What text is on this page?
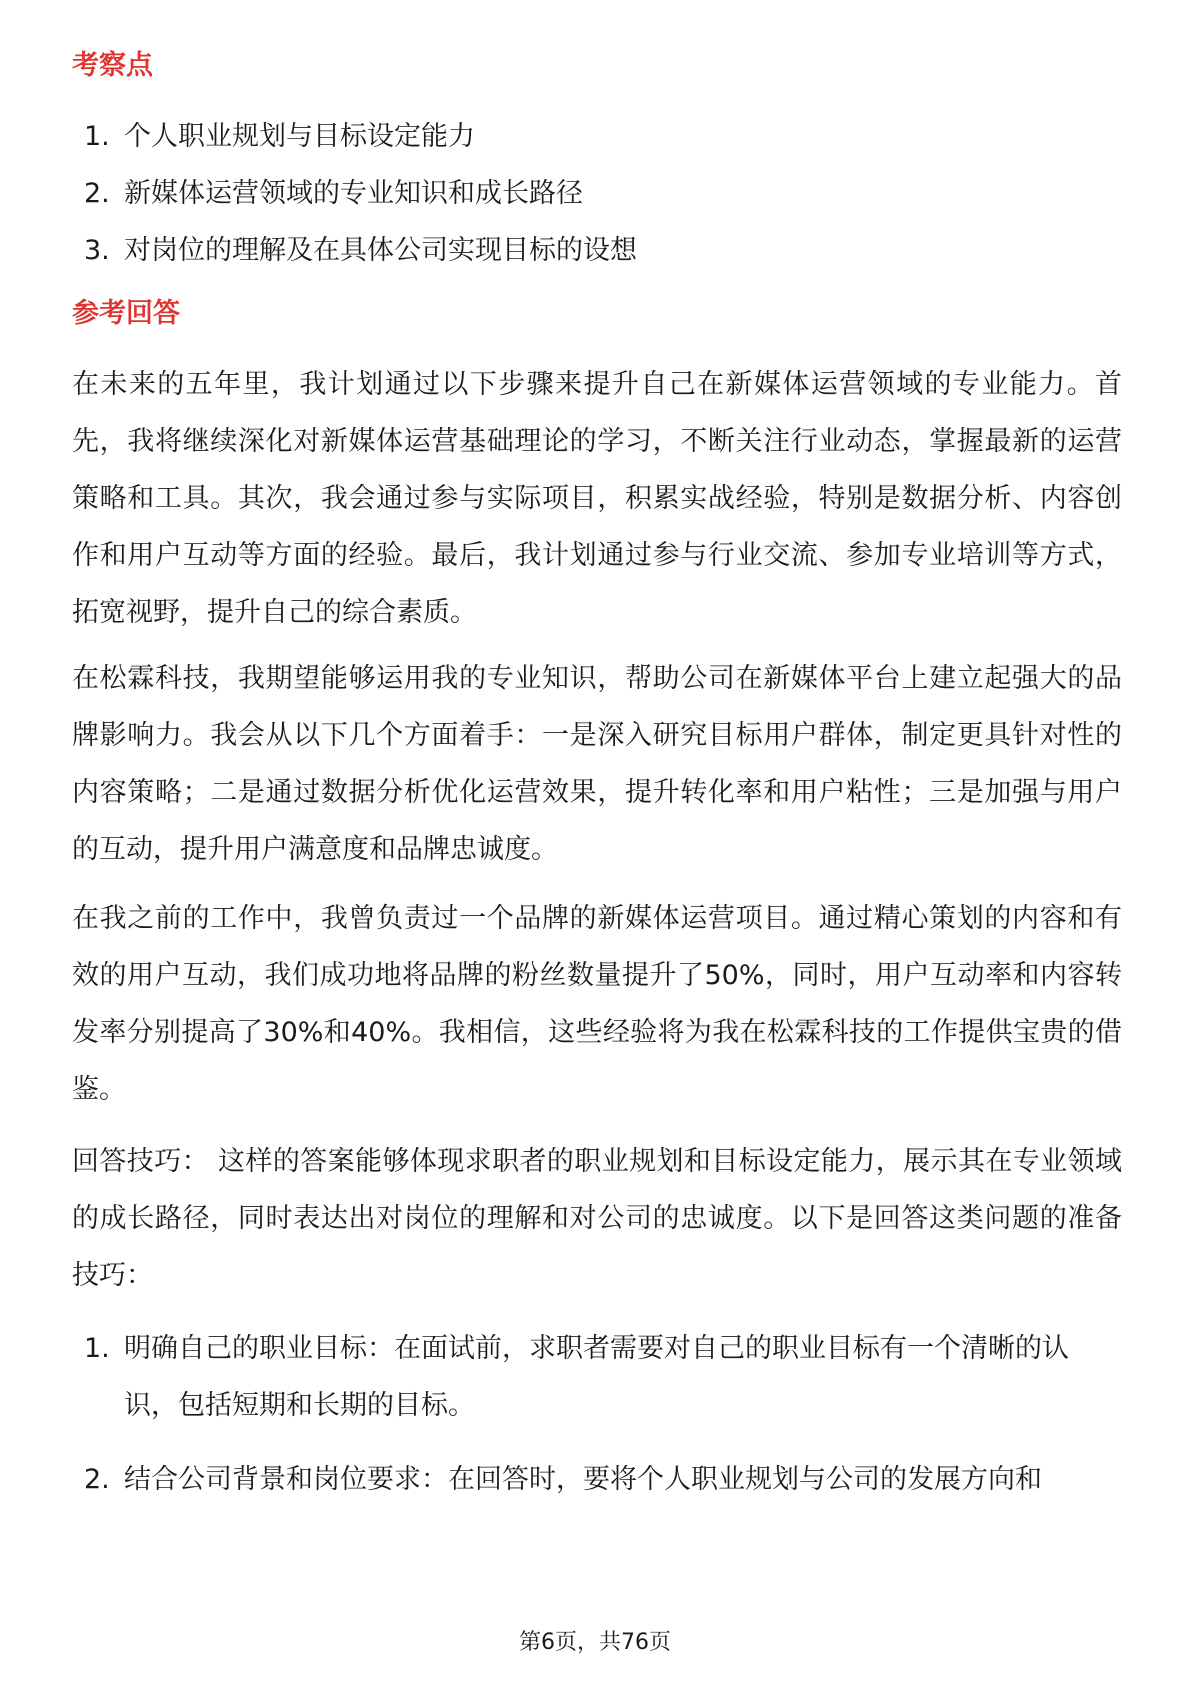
考察点
1. 个人职业规划与目标设定能力
2. 新媒体运营领域的专业知识和成长路径
3. 对岗位的理解及在具体公司实现目标的设想
参考回答

在未来的五年里，我计划通过以下步骤来提升自己在新媒体运营领域的专业能力。首先，我将继续深化对新媒体运营基础理论的学习，不断关注行业动态，掌握最新的运营策略和工具。其次，我会通过参与实际项目，积累实战经验，特别是数据分析、内容创作和用户互动等方面的经验。最后，我计划通过参与行业交流、参加专业培训等方式，拓宽视野，提升自己的综合素质。

在松霖科技，我期望能够运用我的专业知识，帮助公司在新媒体平台上建立起强大的品牌影响力。我会从以下几个方面着手：一是深入研究目标用户群体，制定更具针对性的内容策略；二是通过数据分析优化运营效果，提升转化率和用户粘性；三是加强与用户的互动，提升用户满意度和品牌忠诚度。

在我之前的工作中，我曾负责过一个品牌的新媒体运营项目。通过精心策划的内容和有效的用户互动，我们成功地将品牌的粉丝数量提升了50%，同时，用户互动率和内容转发率分别提高了30%和40%。我相信，这些经验将为我在松霖科技的工作提供宝贵的借鉴。

回答技巧： 这样的答案能够体现求职者的职业规划和目标设定能力，展示其在专业领域的成长路径，同时表达出对岗位的理解和对公司的忠诚度。以下是回答这类问题的准备技巧：

1. 明确自己的职业目标：在面试前，求职者需要对自己的职业目标有一个清晰的认识，包括短期和长期的目标。
2. 结合公司背景和岗位要求：在回答时，要将个人职业规划与公司的发展方向和
第6页，共76页
